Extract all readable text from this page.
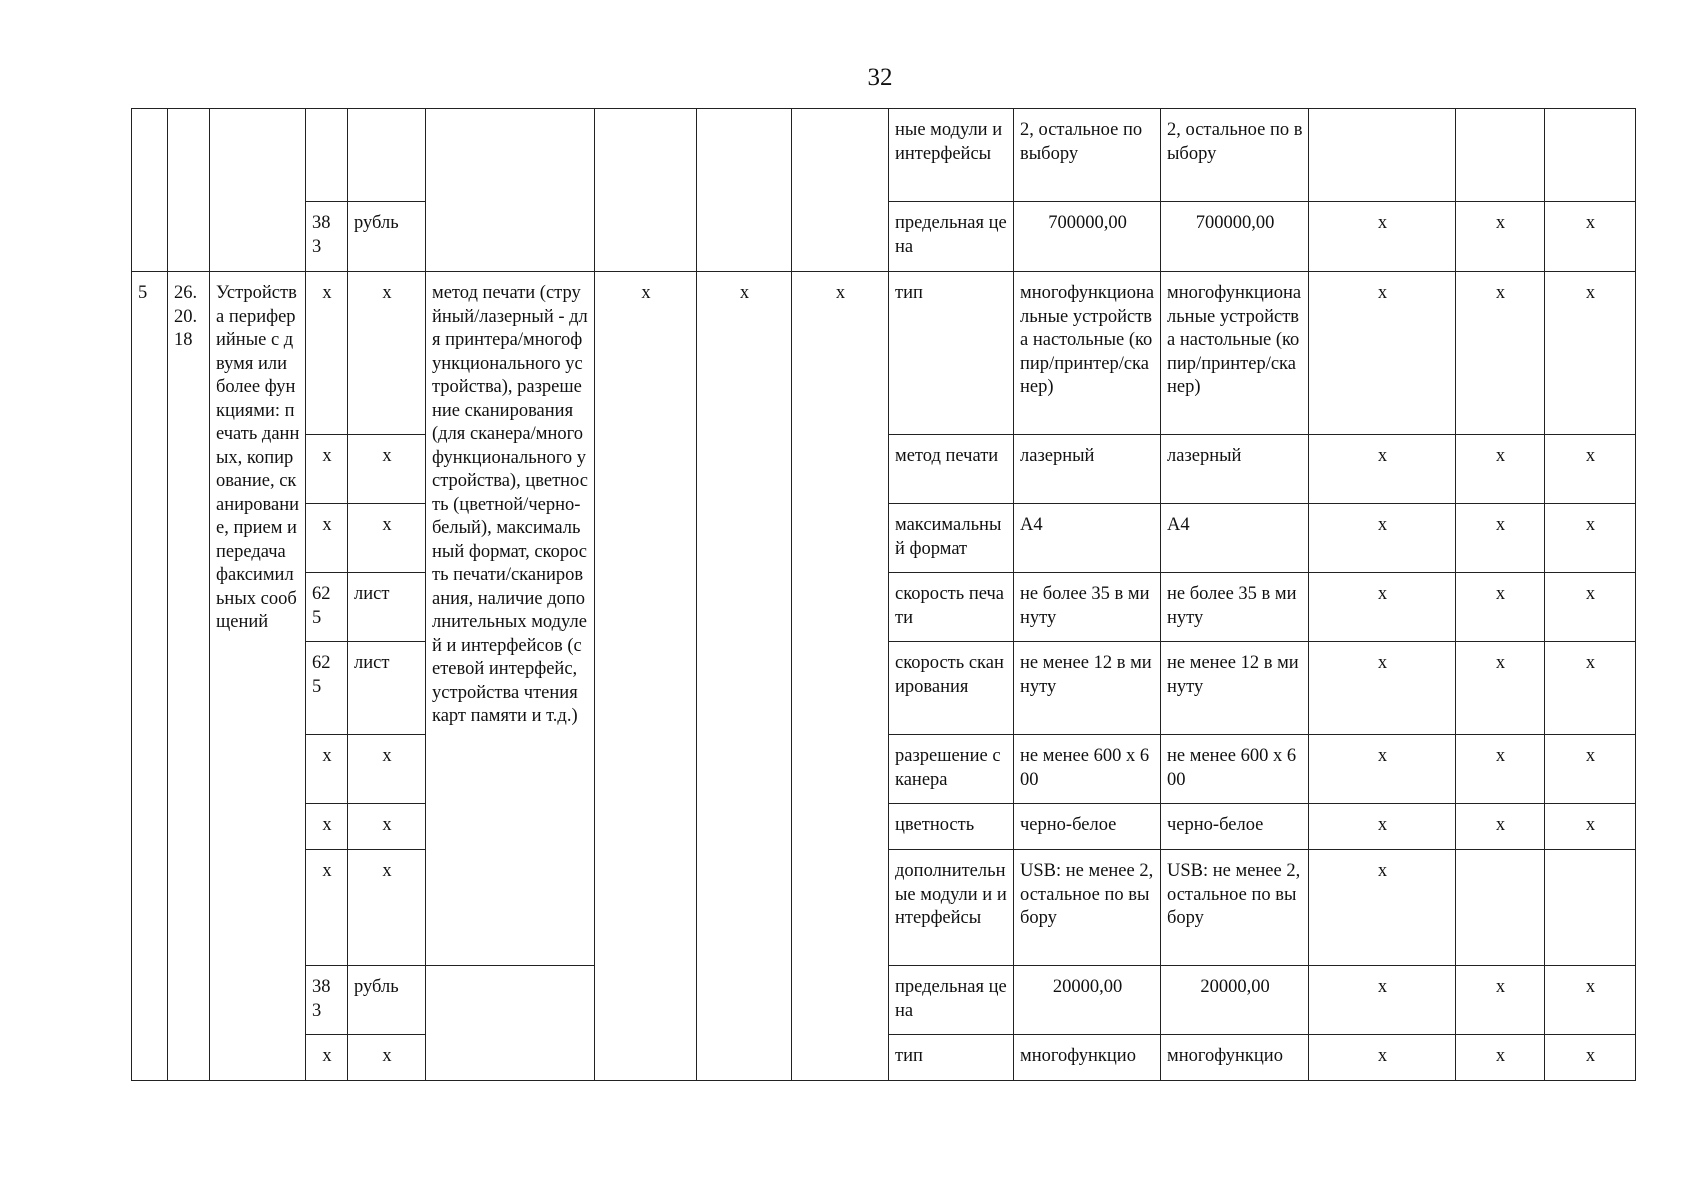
32
									ные модули и интерфейсы	2, остальное по выбору	2, остальное по выбору			
			38 3	рубль					предельная цена	700000,00	700000,00	х	х	х
5	26. 20. 18	Устройства периферийные с двумя или более функциями: печать данных, копирование, сканирование, прием и передача факсимильных сообщений	х	х	метод печати (струйный/лазерный - для принтера/многофункционального устройства), разрешение сканирования (для сканера/многофункционального устройства), цветность (цветной/черно-белый), максимальный формат, скорость печати/сканирования, наличие дополнительных модулей и интерфейсов (сетевой интерфейс, устройства чтения карт памяти и т.д.)	х	х	х	тип	многофункциональные устройства настольные (копир/принтер/сканер)	многофункциональные устройства настольные (копир/принтер/сканер)	х	х	х
			х	х					метод печати	лазерный	лазерный	х	х	х
			х	х					максимальный формат	А4	А4	х	х	х
			62 5	лист					скорость печати	не более 35 в минуту	не более 35 в минуту	х	х	х
			62 5	лист					скорость сканирования	не менее 12 в минуту	не менее 12 в минуту	х	х	х
			х	х					разрешение сканера	не менее 600 х 600	не менее 600 х 600	х	х	х
			х	х					цветность	черно-белое	черно-белое	х	х	х
			х	х					дополнительные модули и интерфейсы	USB: не менее 2, остальное по выбору	USB: не менее 2, остальное по выбору	х		
			38 3	рубль					предельная цена	20000,00	20000,00	х	х	х
			х	х					тип	многофункцио	многофункцио	х	х	х
